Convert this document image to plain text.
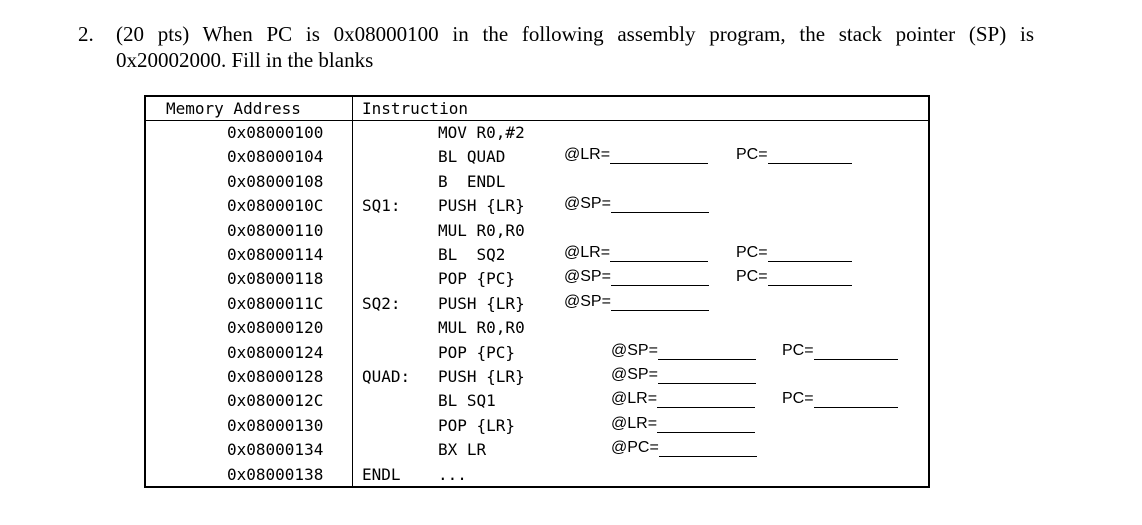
2. (20 pts) When PC is 0x08000100 in the following assembly program, the stack pointer (SP) is
0x20002000. Fill in the blanks
Memory Address	Instruction
0x08000100	MOV R0,#2
0x08000104	BL QUAD	@LR=	PC=
0x08000108	B  ENDL
0x0800010C SQ1: PUSH {LR} @SP=
0x08000110	MUL R0,R0
0x08000114	BL  SQ2	@LR=	PC=
0x08000118	POP {PC}	@SP=	PC=
0x0800011C SQ2: PUSH {LR} @SP=
0x08000120	MUL R0,R0
0x08000124	POP {PC}	@SP=	PC=
0x08000128 QUAD: PUSH {LR}	@SP=
0x0800012C	BL SQ1	@LR=	PC=
0x08000130	POP {LR}	@LR=
0x08000134	BX LR	@PC=
0x08000138 ENDL ...
